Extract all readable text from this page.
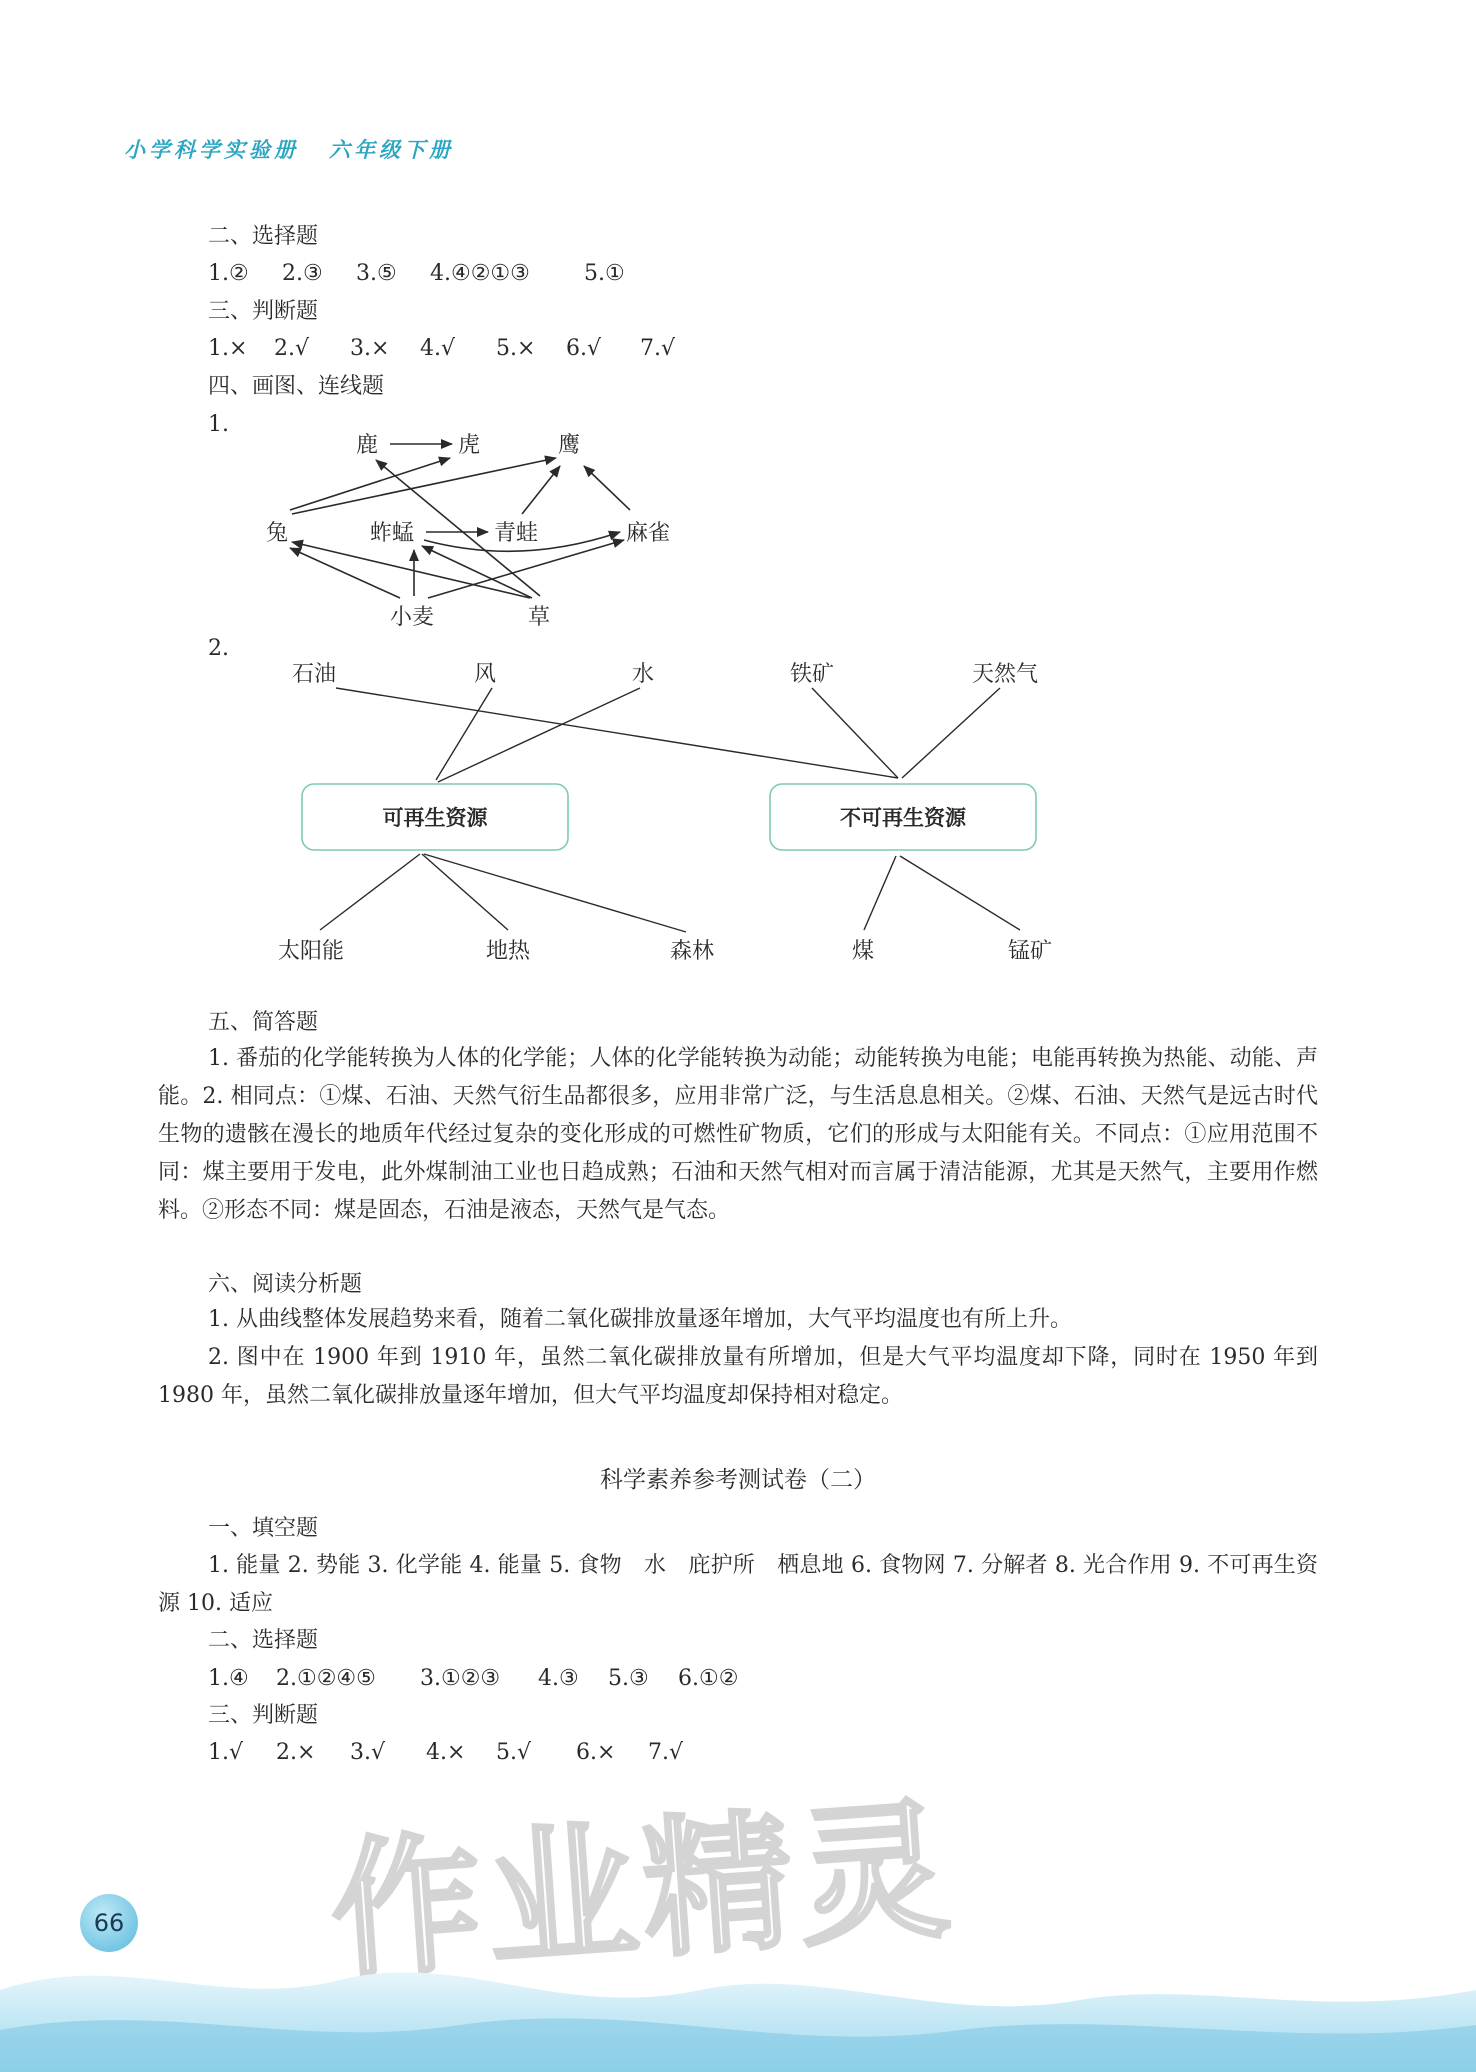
小学科学实验册 六年级下册
二、选择题
1.② 2.③ 3.⑤ 4.④②①③ 5.①
三、判断题
1.× 2.√ 3.× 4.√ 5.× 6.√ 7.√
四、画图、连线题
1.
2.
鹿	虎	鹰
兔	蚱蜢	青蛙	麻雀
小麦	草
可再生资源	不可再生资源
石油	风	水	铁矿	天然气
太阳能	地热	森林	煤	锰矿
五、简答题
1. 番茄的化学能转换为人体的化学能；人体的化学能转换为动能；动能转换为电能；电能再转换为热能、动能、声能。2. 相同点：①煤、石油、天然气衍生品都很多，应用非常广泛，与生活息息相关。②煤、石油、天然气是远古时代生物的遗骸在漫长的地质年代经过复杂的变化形成的可燃性矿物质，它们的形成与太阳能有关。不同点：①应用范围不同：煤主要用于发电，此外煤制油工业也日趋成熟；石油和天然气相对而言属于清洁能源，尤其是天然气，主要用作燃料。②形态不同：煤是固态，石油是液态，天然气是气态。
六、阅读分析题
1. 从曲线整体发展趋势来看，随着二氧化碳排放量逐年增加，大气平均温度也有所上升。
2. 图中在 1900 年到 1910 年，虽然二氧化碳排放量有所增加，但是大气平均温度却下降，同时在 1950 年到 1980 年，虽然二氧化碳排放量逐年增加，但大气平均温度却保持相对稳定。
科学素养参考测试卷（二）
一、填空题
1. 能量 2. 势能 3. 化学能 4. 能量 5. 食物　水　庇护所　栖息地 6. 食物网 7. 分解者 8. 光合作用 9. 不可再生资源 10. 适应
二、选择题
1.④ 2.①②④⑤ 3.①②③ 4.③ 5.③ 6.①②
三、判断题
1.√ 2.× 3.√ 4.× 5.√ 6.× 7.√
作业精灵
66
